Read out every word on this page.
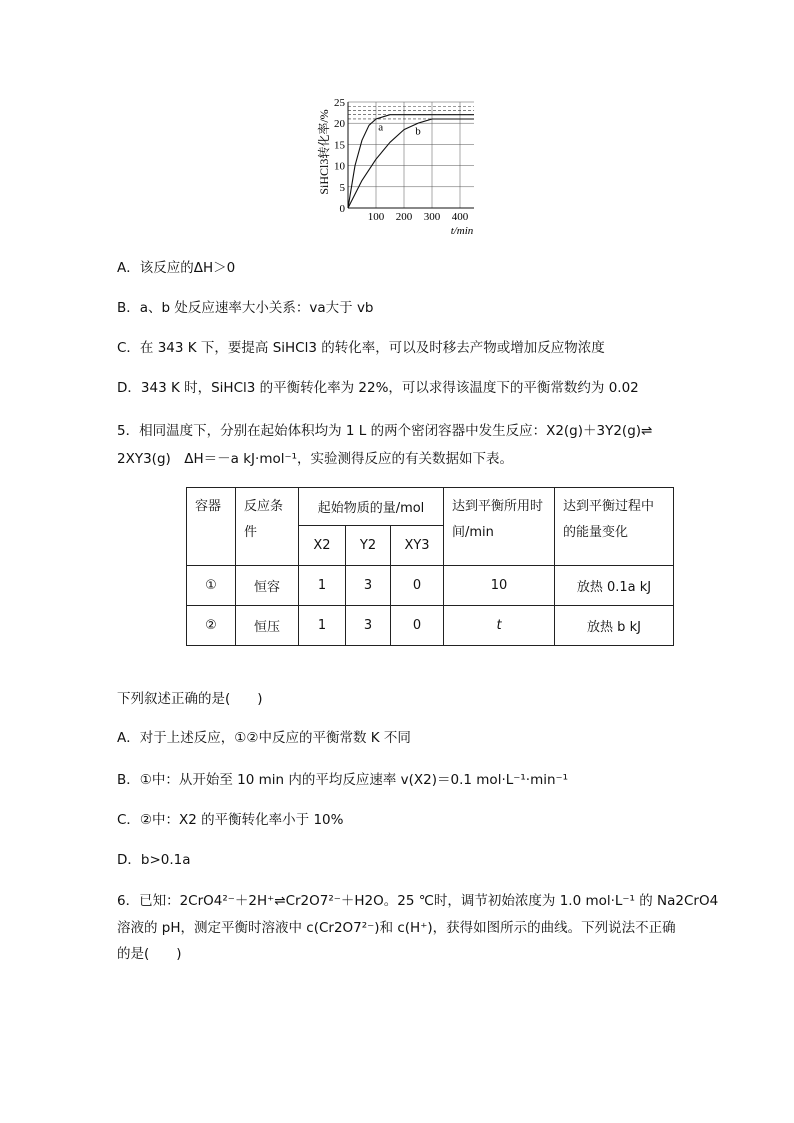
a	b
0
5
10
15
20
25
100 200 300 400
SiHCl3转化率/%
t/min
A．该反应的ΔH＞0
B．a、b 处反应速率大小关系：va大于 vb
C．在 343 K 下，要提高 SiHCl3 的转化率，可以及时移去产物或增加反应物浓度
D．343 K 时，SiHCl3 的平衡转化率为 22%，可以求得该温度下的平衡常数约为 0.02
5．相同温度下，分别在起始体积均为 1 L 的两个密闭容器中发生反应：X2(g)＋3Y2(g)⇌
2XY3(g)　ΔH＝－a kJ·mol⁻¹，实验测得反应的有关数据如下表。
容器	反应条件	起始物质的量/mol			达到平衡所用时间/min	达到平衡过程中的能量变化
		X2	Y2	XY3		
①	恒容	1	3	0	10	放热 0.1a kJ
②	恒压	1	3	0	t	放热 b kJ
下列叙述正确的是(　　)
A．对于上述反应，①②中反应的平衡常数 K 不同
B．①中：从开始至 10 min 内的平均反应速率 v(X2)＝0.1 mol·L⁻¹·min⁻¹
C．②中：X2 的平衡转化率小于 10%
D．b>0.1a
6．已知：2CrO4²⁻＋2H⁺⇌Cr2O7²⁻＋H2O。25 ℃时，调节初始浓度为 1.0 mol·L⁻¹ 的 Na2CrO4
溶液的 pH，测定平衡时溶液中 c(Cr2O7²⁻)和 c(H⁺)，获得如图所示的曲线。下列说法不正确
的是(　　)
